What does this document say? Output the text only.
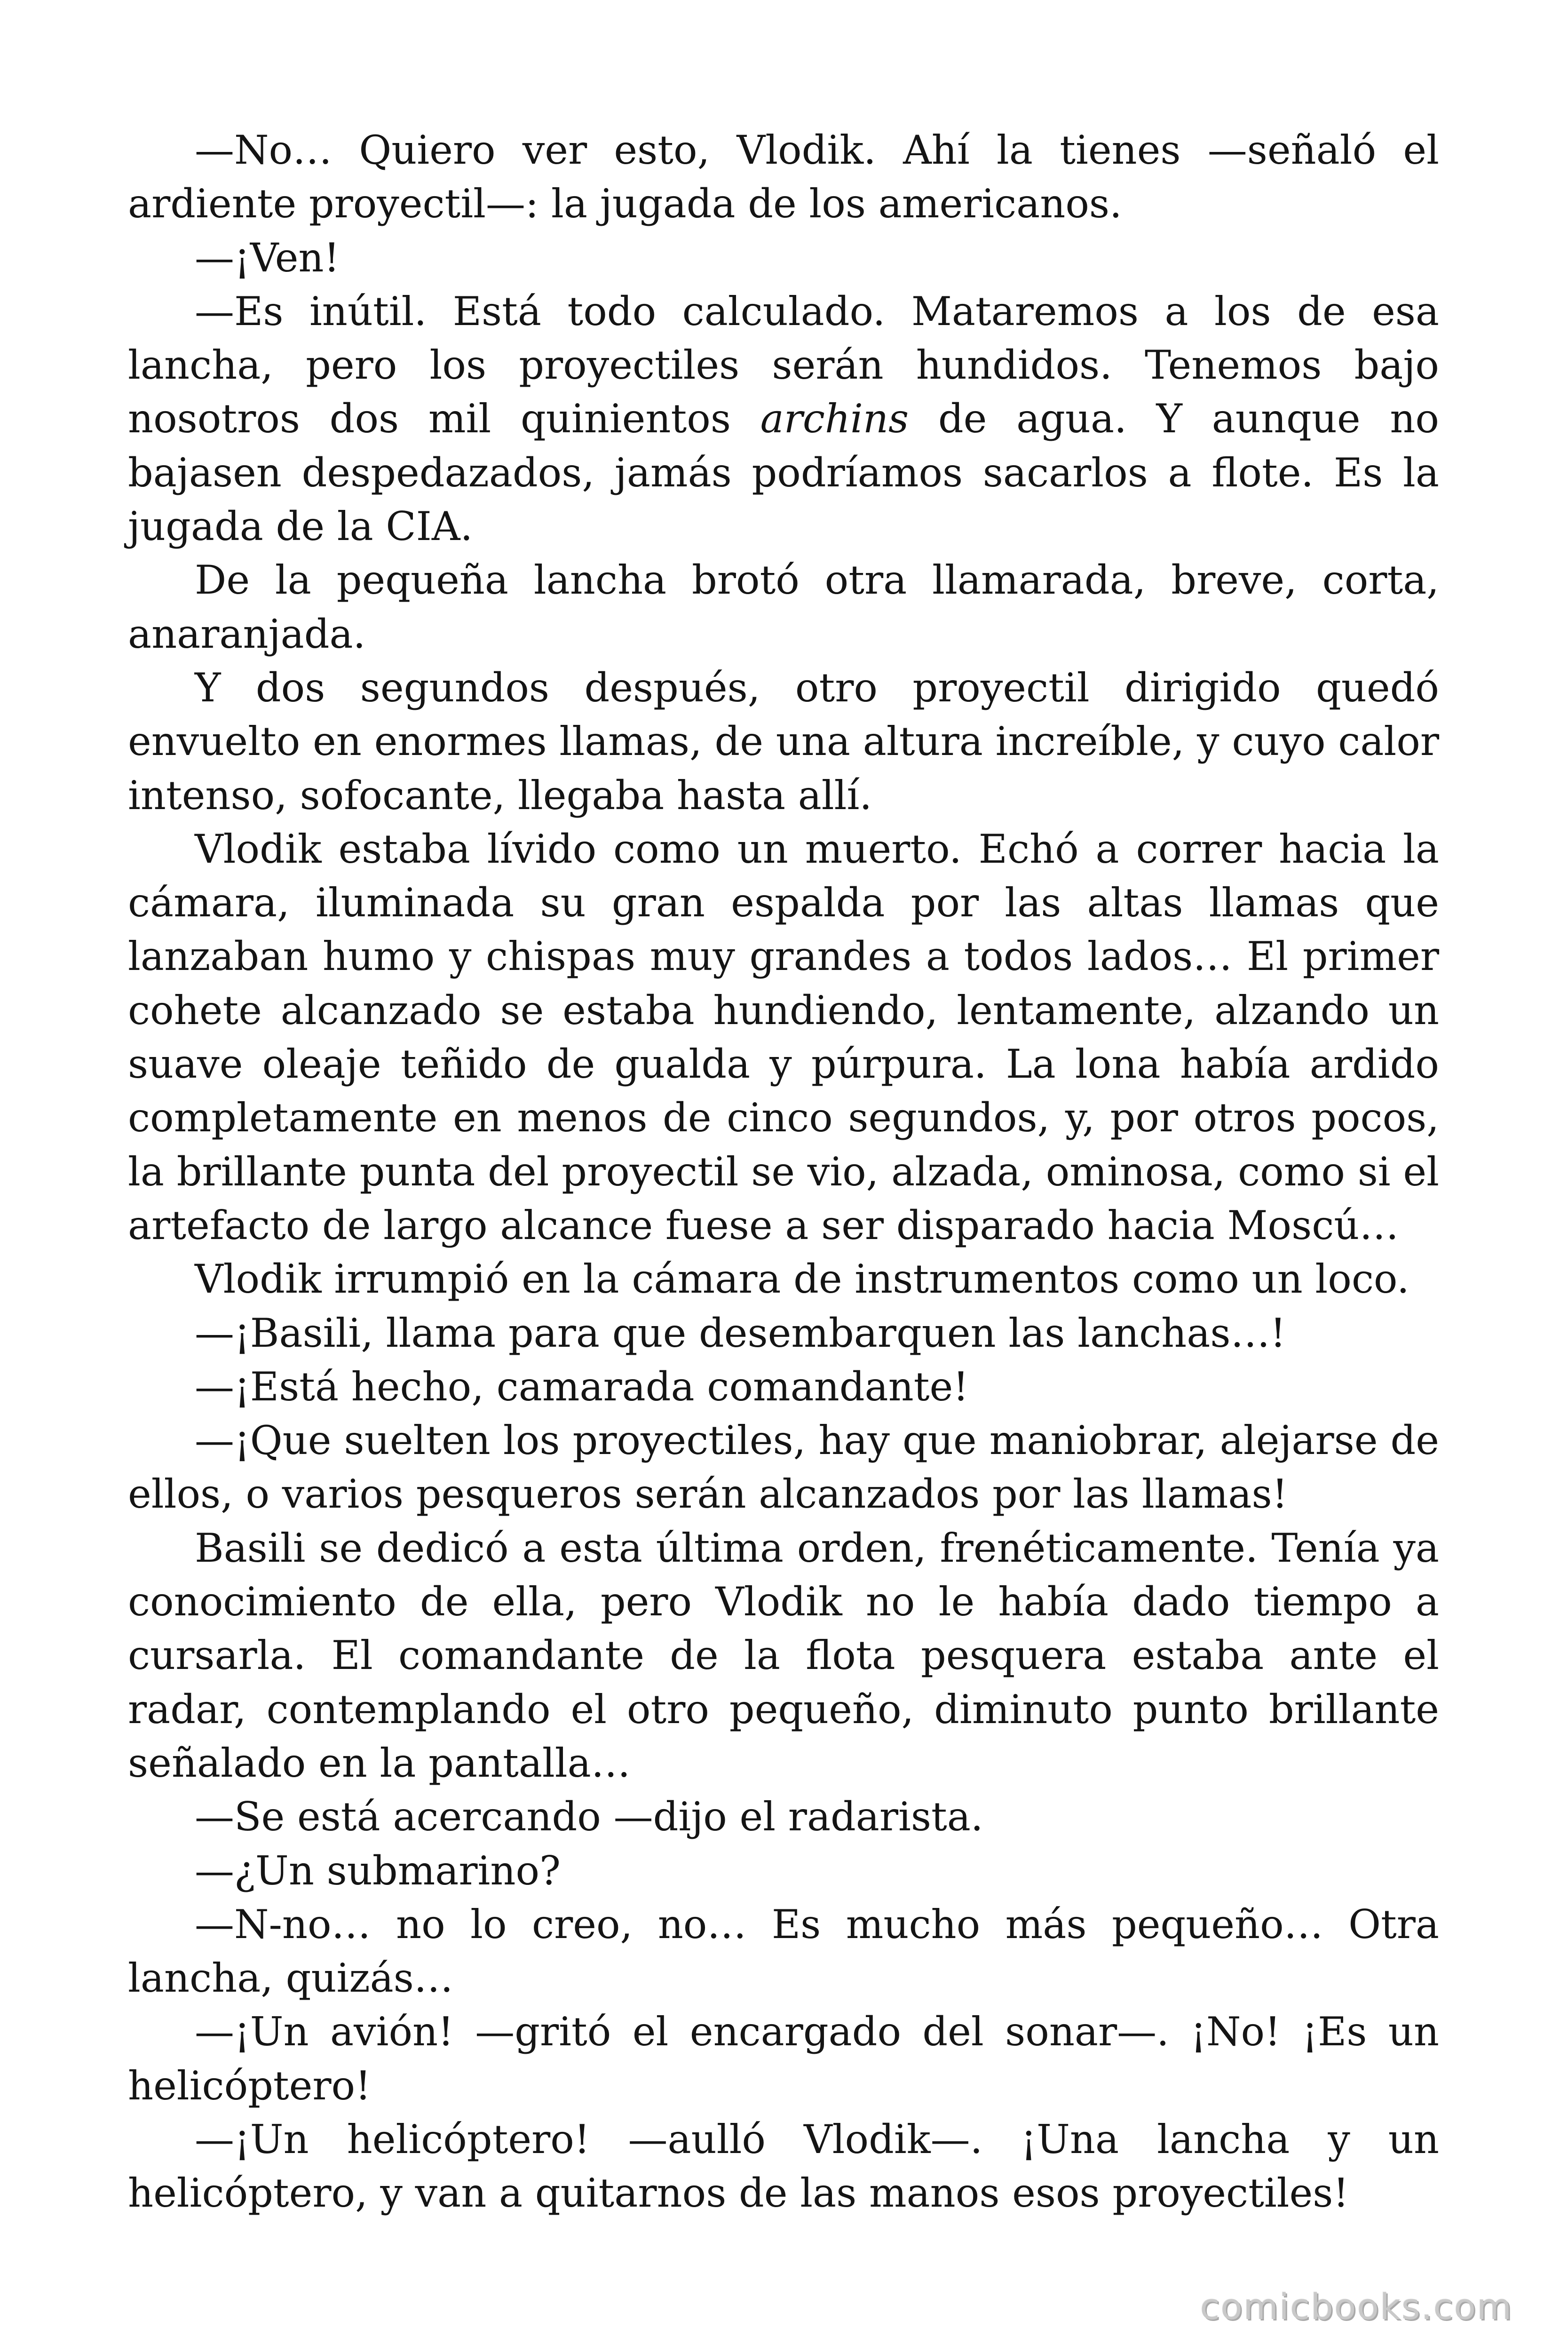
—No… Quiero ver esto, Vlodik. Ahí la tienes —señaló el ardiente proyectil—: la jugada de los americanos.

—¡Ven!

—Es inútil. Está todo calculado. Mataremos a los de esa lancha, pero los proyectiles serán hundidos. Tenemos bajo nosotros dos mil quinientos archins de agua. Y aunque no bajasen despedazados, jamás podríamos sacarlos a flote. Es la jugada de la CIA.

De la pequeña lancha brotó otra llamarada, breve, corta, anaranjada.

Y dos segundos después, otro proyectil dirigido quedó envuelto en enormes llamas, de una altura increíble, y cuyo calor intenso, sofocante, llegaba hasta allí.

Vlodik estaba lívido como un muerto. Echó a correr hacia la cámara, iluminada su gran espalda por las altas llamas que lanzaban humo y chispas muy grandes a todos lados… El primer cohete alcanzado se estaba hundiendo, lentamente, alzando un suave oleaje teñido de gualda y púrpura. La lona había ardido completamente en menos de cinco segundos, y, por otros pocos, la brillante punta del proyectil se vio, alzada, ominosa, como si el artefacto de largo alcance fuese a ser disparado hacia Moscú…

Vlodik irrumpió en la cámara de instrumentos como un loco.

—¡Basili, llama para que desembarquen las lanchas…!

—¡Está hecho, camarada comandante!

—¡Que suelten los proyectiles, hay que maniobrar, alejarse de ellos, o varios pesqueros serán alcanzados por las llamas!

Basili se dedicó a esta última orden, frenéticamente. Tenía ya conocimiento de ella, pero Vlodik no le había dado tiempo a cursarla. El comandante de la flota pesquera estaba ante el radar, contemplando el otro pequeño, diminuto punto brillante señalado en la pantalla…

—Se está acercando —dijo el radarista.

—¿Un submarino?

—N-no… no lo creo, no… Es mucho más pequeño… Otra lancha, quizás…

—¡Un avión! —gritó el encargado del sonar—. ¡No! ¡Es un helicóptero!

—¡Un helicóptero! —aulló Vlodik—. ¡Una lancha y un helicóptero, y van a quitarnos de las manos esos proyectiles!

comicbooks.com
